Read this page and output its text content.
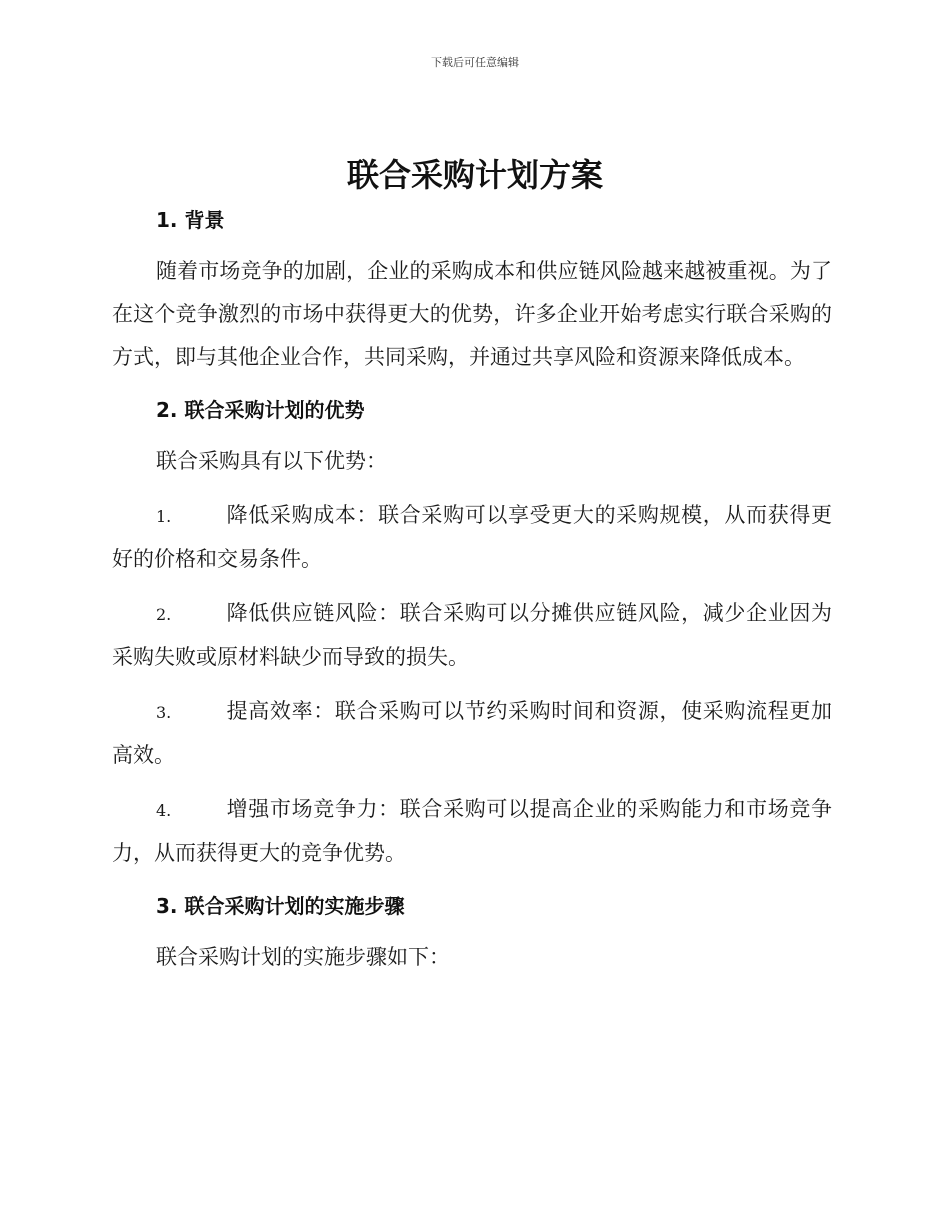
下载后可任意编辑
联合采购计划方案
1. 背景

随着市场竞争的加剧，企业的采购成本和供应链风险越来越被重视。为了在这个竞争激烈的市场中获得更大的优势，许多企业开始考虑实行联合采购的方式，即与其他企业合作，共同采购，并通过共享风险和资源来降低成本。

2. 联合采购计划的优势

联合采购具有以下优势：

1.	降低采购成本：联合采购可以享受更大的采购规模，从而获得更好的价格和交易条件。

2.	降低供应链风险：联合采购可以分摊供应链风险，减少企业因为采购失败或原材料缺少而导致的损失。

3.	提高效率：联合采购可以节约采购时间和资源，使采购流程更加高效。

4.	增强市场竞争力：联合采购可以提高企业的采购能力和市场竞争力，从而获得更大的竞争优势。

3. 联合采购计划的实施步骤

联合采购计划的实施步骤如下：
